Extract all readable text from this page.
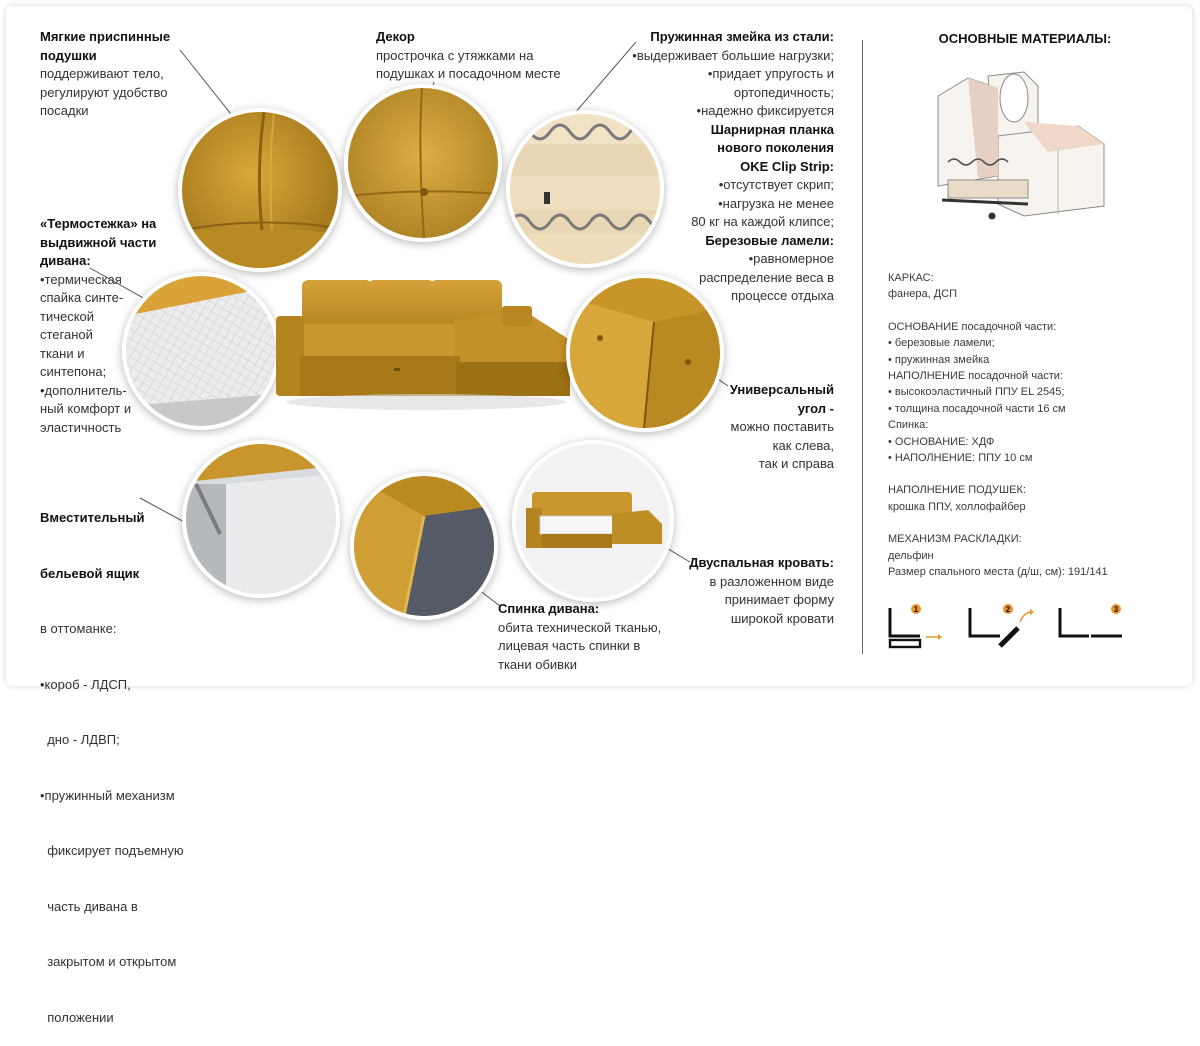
Мягкие приспинные
подушки
поддерживают тело,
регулируют удобство
посадки
«Термостежка» на
выдвижной части
дивана:
•термическая
спайка синте-
тической
стеганой
ткани и
синтепона;
•дополнитель-
ный комфорт и
эластичность

Вместительный

бельевой ящик

в оттоманке:

•короб - ЛДСП,

дно - ЛДВП;

•пружинный механизм

фиксирует подъемную

часть дивана в

закрытом и открытом

положении

Декор
прострочка с утяжками на
подушках и посадочном месте
Спинка дивана:
обита технической тканью,
лицевая часть спинки в
ткани обивки
Пружинная змейка из стали:
•выдерживает большие нагрузки;
•придает упругость и
ортопедичность;
•надежно фиксируется
Шарнирная планка
нового поколения
OKE Clip Strip:
•отсутствует скрип;
•нагрузка не менее
80 кг на каждой клипсе;
Березовые ламели:
•равномерное
распределение веса в
процессе отдыха
Универсальный
угол -
можно поставить
как слева,
так и справа
Двуспальная кровать:
в разложенном виде
принимает форму
широкой кровати
ОСНОВНЫЕ МАТЕРИАЛЫ:
КАРКАС:
фанера, ДСП
ОСНОВАНИЕ посадочной части:
• березовые ламели;
• пружинная змейка
НАПОЛНЕНИЕ посадочной части:
• высокоэластичный ППУ EL 2545;
• толщина посадочной части 16 см
Спинка:
• ОСНОВАНИЕ: ХДФ
• НАПОЛНЕНИЕ: ППУ 10 см
НАПОЛНЕНИЕ ПОДУШЕК:
крошка ППУ, холлофайбер
МЕХАНИЗМ РАСКЛАДКИ:
дельфин
Размер спального места (д/ш, см): 191/141
1	2	3
